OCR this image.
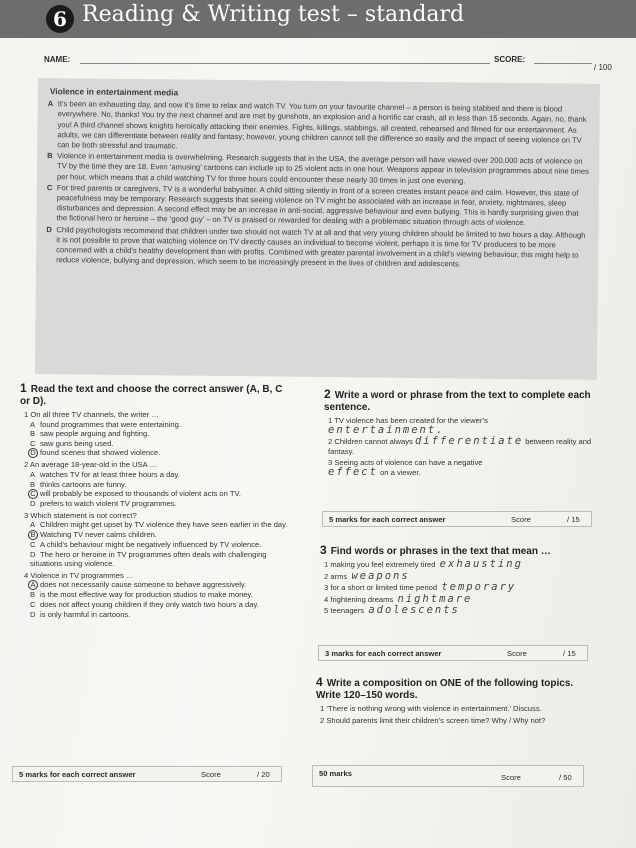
6 Reading & Writing test – standard
NAME:	SCORE:
/ 100
Violence in entertainment media
A It’s been an exhausting day, and now it’s time to relax and watch TV. You turn on your favourite channel – a person is being stabbed and there is blood everywhere. No, thanks! You try the next channel and are met by gunshots, an explosion and a horrific car crash, all in less than 15 seconds. Again, no, thank you! A third channel shows knights heroically attacking their enemies. Fights, killings, stabbings, all created, rehearsed and filmed for our entertainment. As adults, we can differentiate between reality and fantasy; however, young children cannot tell the difference so easily and the impact of seeing violence on TV can be both stressful and traumatic.
B Violence in entertainment media is overwhelming. Research suggests that in the USA, the average person will have viewed over 200,000 acts of violence on TV by the time they are 18. Even ‘amusing’ cartoons can include up to 25 violent acts in one hour. Weapons appear in television programmes about nine times per hour, which means that a child watching TV for three hours could encounter these nearly 30 times in just one evening.
C For tired parents or caregivers, TV is a wonderful babysitter. A child sitting silently in front of a screen creates instant peace and calm. However, this state of peacefulness may be temporary. Research suggests that seeing violence on TV might be associated with an increase in fear, anxiety, nightmares, sleep disturbances and depression. A second effect may be an increase in anti-social, aggressive behaviour and even bullying. This is hardly surprising given that the fictional hero or heroine – the ‘good guy’ – on TV is praised or rewarded for dealing with a problematic situation through acts of violence.
D Child psychologists recommend that children under two should not watch TV at all and that very young children should be limited to two hours a day. Although it is not possible to prove that watching violence on TV directly causes an individual to become violent, perhaps it is time for TV producers to be more concerned with a child’s healthy development than with profits. Combined with greater parental involvement in a child’s viewing behaviour, this might help to reduce violence, bullying and depression, which seem to be increasingly present in the lives of children and adolescents.
1 Read the text and choose the correct answer (A, B, C or D).
1 On all three TV channels, the writer …
A found programmes that were entertaining.
B saw people arguing and fighting.
C saw guns being used.
D found scenes that showed violence.
2 An average 18-year-old in the USA …
A watches TV for at least three hours a day.
B thinks cartoons are funny.
C will probably be exposed to thousands of violent acts on TV.
D prefers to watch violent TV programmes.
3 Which statement is not correct?
A Children might get upset by TV violence they have seen earlier in the day.
B Watching TV never calms children.
C A child’s behaviour might be negatively influenced by TV violence.
D The hero or heroine in TV programmes often deals with challenging situations using violence.
4 Violence in TV programmes …
A does not necessarily cause someone to behave aggressively.
B is the most effective way for production studios to make money.
C does not affect young children if they only watch two hours a day.
D is only harmful in cartoons.
5 marks for each correct answer	Score	/ 20
2 Write a word or phrase from the text to complete each sentence.
1 TV violence has been created for the viewer’s
entertainment.
2 Children cannot always differentiate between reality and fantasy.
3 Seeing acts of violence can have a negative
effect on a viewer.
5 marks for each correct answer	Score	/ 15
3 Find words or phrases in the text that mean …
1 making you feel extremely tired exhausting
2 arms weapons
3 for a short or limited time period temporary
4 frightening dreams nightmare
5 teenagers adolescents
3 marks for each correct answer	Score	/ 15
4 Write a composition on ONE of the following topics. Write 120–150 words.
1 ‘There is nothing wrong with violence in entertainment.’ Discuss.
2 Should parents limit their children’s screen time? Why / Why not?
50 marks	Score	/ 50
